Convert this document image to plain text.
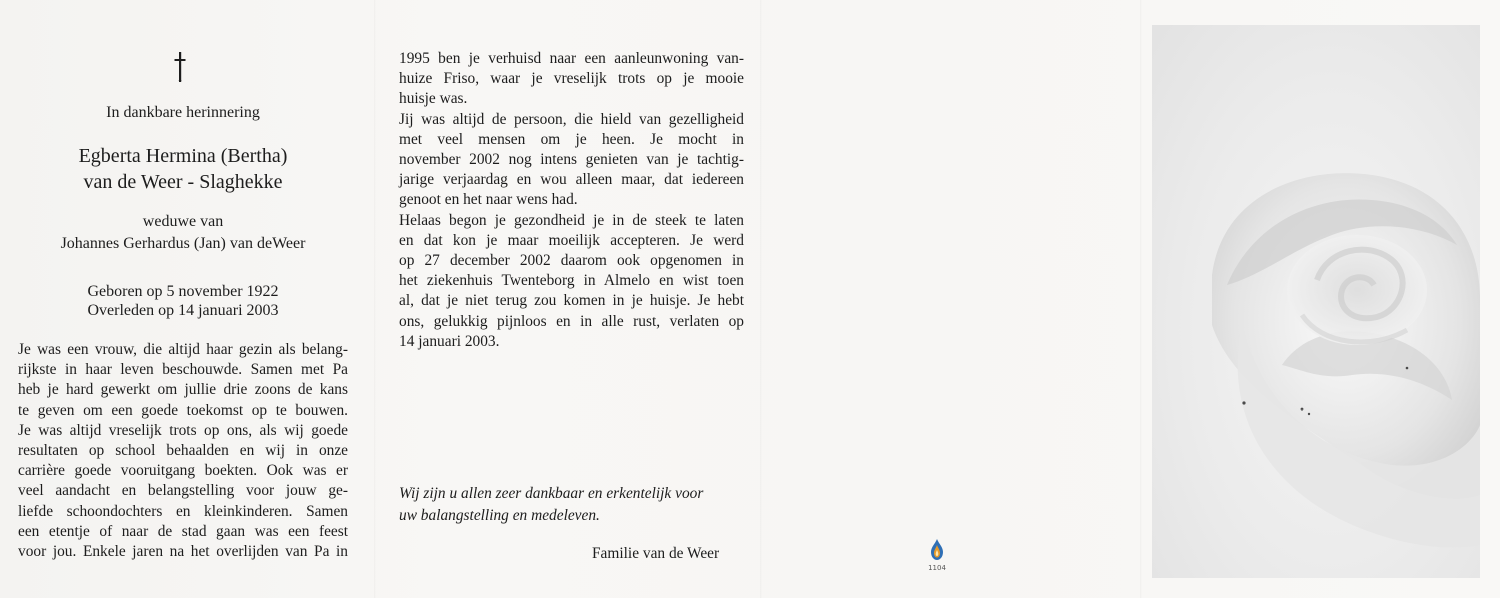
In dankbare herinnering
Egberta Hermina (Bertha)
van de Weer - Slaghekke
weduwe van
Johannes Gerhardus (Jan) van deWeer
Geboren op 5 november 1922
Overleden op 14 januari 2003

Je was een vrouw, die altijd haar gezin als belang-
rijkste in haar leven beschouwde. Samen met Pa
heb je hard gewerkt om jullie drie zoons de kans
te geven om een goede toekomst op te bouwen.
Je was altijd vreselijk trots op ons, als wij goede
resultaten op school behaalden en wij in onze
carrière goede vooruitgang boekten. Ook was er
veel aandacht en belangstelling voor jouw ge-
liefde schoondochters en kleinkinderen. Samen
een etentje of naar de stad gaan was een feest
voor jou. Enkele jaren na het overlijden van Pa in

1995 ben je verhuisd naar een aanleunwoning van-
huize Friso, waar je vreselijk trots op je mooie
huisje was.
Jij was altijd de persoon, die hield van gezelligheid
met veel mensen om je heen. Je mocht in
november 2002 nog intens genieten van je tachtig-
jarige verjaardag en wou alleen maar, dat iedereen
genoot en het naar wens had.
Helaas begon je gezondheid je in de steek te laten
en dat kon je maar moeilijk accepteren. Je werd
op 27 december 2002 daarom ook opgenomen in
het ziekenhuis Twenteborg in Almelo en wist toen
al, dat je niet terug zou komen in je huisje. Je hebt
ons, gelukkig pijnloos en in alle rust, verlaten op
14 januari 2003.

Wij zijn u allen zeer dankbaar en erkentelijk voor
uw balangstelling en medeleven.
Familie van de Weer
1104
